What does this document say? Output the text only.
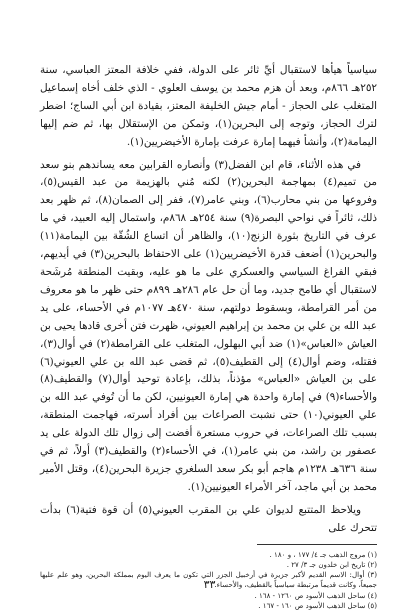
سياسياً هيأها لاستقبال أيِّ ثائر على الدولة، ففي خلافة المعتز العباسي، سنة ٢٥٢هـ ٨٦٦م، وبعد أن هزم محمد بن يوسف العلوي - الذي خلف أخاه إسماعيل المتغلب على الحجاز - أمام جيش الخليفة المعتز، بقيادة ابن أبي الساج؛ اضطر لترك الحجاز، وتوجه إلى البحرين(١)، وتمكن من الإستقلال بها، ثم ضم إليها اليمامة(٢)، وأنشأ فيهما إمارة عرفت بإمارة الأخيضريين(١).

في هذه الأثناء، قام ابن الفضل(٣) وأنصاره القرابين معه يساندهم بنو سعد من تميم(٤) بمهاجمة البحرين(٢) لكنه مُني بالهزيمة من عبد القيس(٥)، وفروعها من بني محارب(٦)، وبني عامر(٧)، ففر إلى الصمان(٨)، ثم ظهر بعد ذلك، ثائراً في نواحي البصرة(٩) سنة ٢٥٤هـ ٨٦٨م، واستمال إليه العبيد، في ما عرف في التاريخ بثورة الزنج(١٠)، والظاهر أن اتساع الشُقّة بين اليمامة(١١) والبحرين(١) أضعف قدرة الأخيضريين(١) على الاحتفاظ بالبحرين(٣) في أيديهم، فبقي الفراغ السياسي والعسكري على ما هو عليه، وبقيت المنطقة مُرشَحة لاستقبال أي طامح جديد، وما أن حل عام ٢٨٦هـ ٨٩٩م حتى ظهر ما هو معروف من أمر القرامطة، وبسقوط دولتهم، سنة ٤٧٠هـ ١٠٧٧م في الأحساء، على يد عبد الله بن علي بن محمد بن إبراهيم العيوني، ظهرت فتن أخرى قادها يحيى بن العياش «العباس»(١) ضد أبي البهلول، المتغلب على القرامطة(٢) في أوال(٣)، فقتله، وضم أوال(٤) إلى القطيف(٥)، ثم قضى عبد الله بن علي العيوني(٦) على بن العياش «العباس» مؤذناً، بذلك، بإعادة توحيد أوال(٧) والقطيف(٨) والأحساء(٩) في إمارة واحدة هي إمارة العيونيين، لكن ما أن تُوفي عبد الله بن علي العيوني(١٠) حتى نشبت الصراعات بين أفراد أسرته، فهاجمت المنطقة، بسبب تلك الصراعات، في حروب مستعرة أفضت إلى زوال تلك الدولة على يد عصفور بن راشد، من بني عامر(١)، في الأحساء(٢) والقطيف(٣) أولاً، ثم في سنة ٦٣٦هـ ١٢٣٨م هاجم أبو بكر سعد السلغري جزيرة البحرين(٤)، وقتل الأمير محمد بن أبي ماجد، آخر الأمراء العيونيين(١).

ويلاحظ المتتبع لديوان علي بن المقرب العيوني(٥) أن قوة فتية(٦) بدأت تتحرك على

(١) مروج الذهب جـ ٤/ ١٧٧ ، و ١٨٠ .
(٢) تاريخ ابن خلدون جـ ٣/ ٢٧ .
(٣) أوال: الاسم القديم لأكبر جزيرة في أرخبيل الجزر التي تكون ما يعرف اليوم بمملكة البحرين، وهو علم عليها جميعاً، وكانت قديماً مرتبطة سياسياً بالقطيف، والأحساء.
(٤) ساحل الذهب الأسود ص ١٢٦٠ - ١٦٨ .
(٥) ساحل الذهب الأسود ص ١٦٠ - ١٦٧ .
٣٣
